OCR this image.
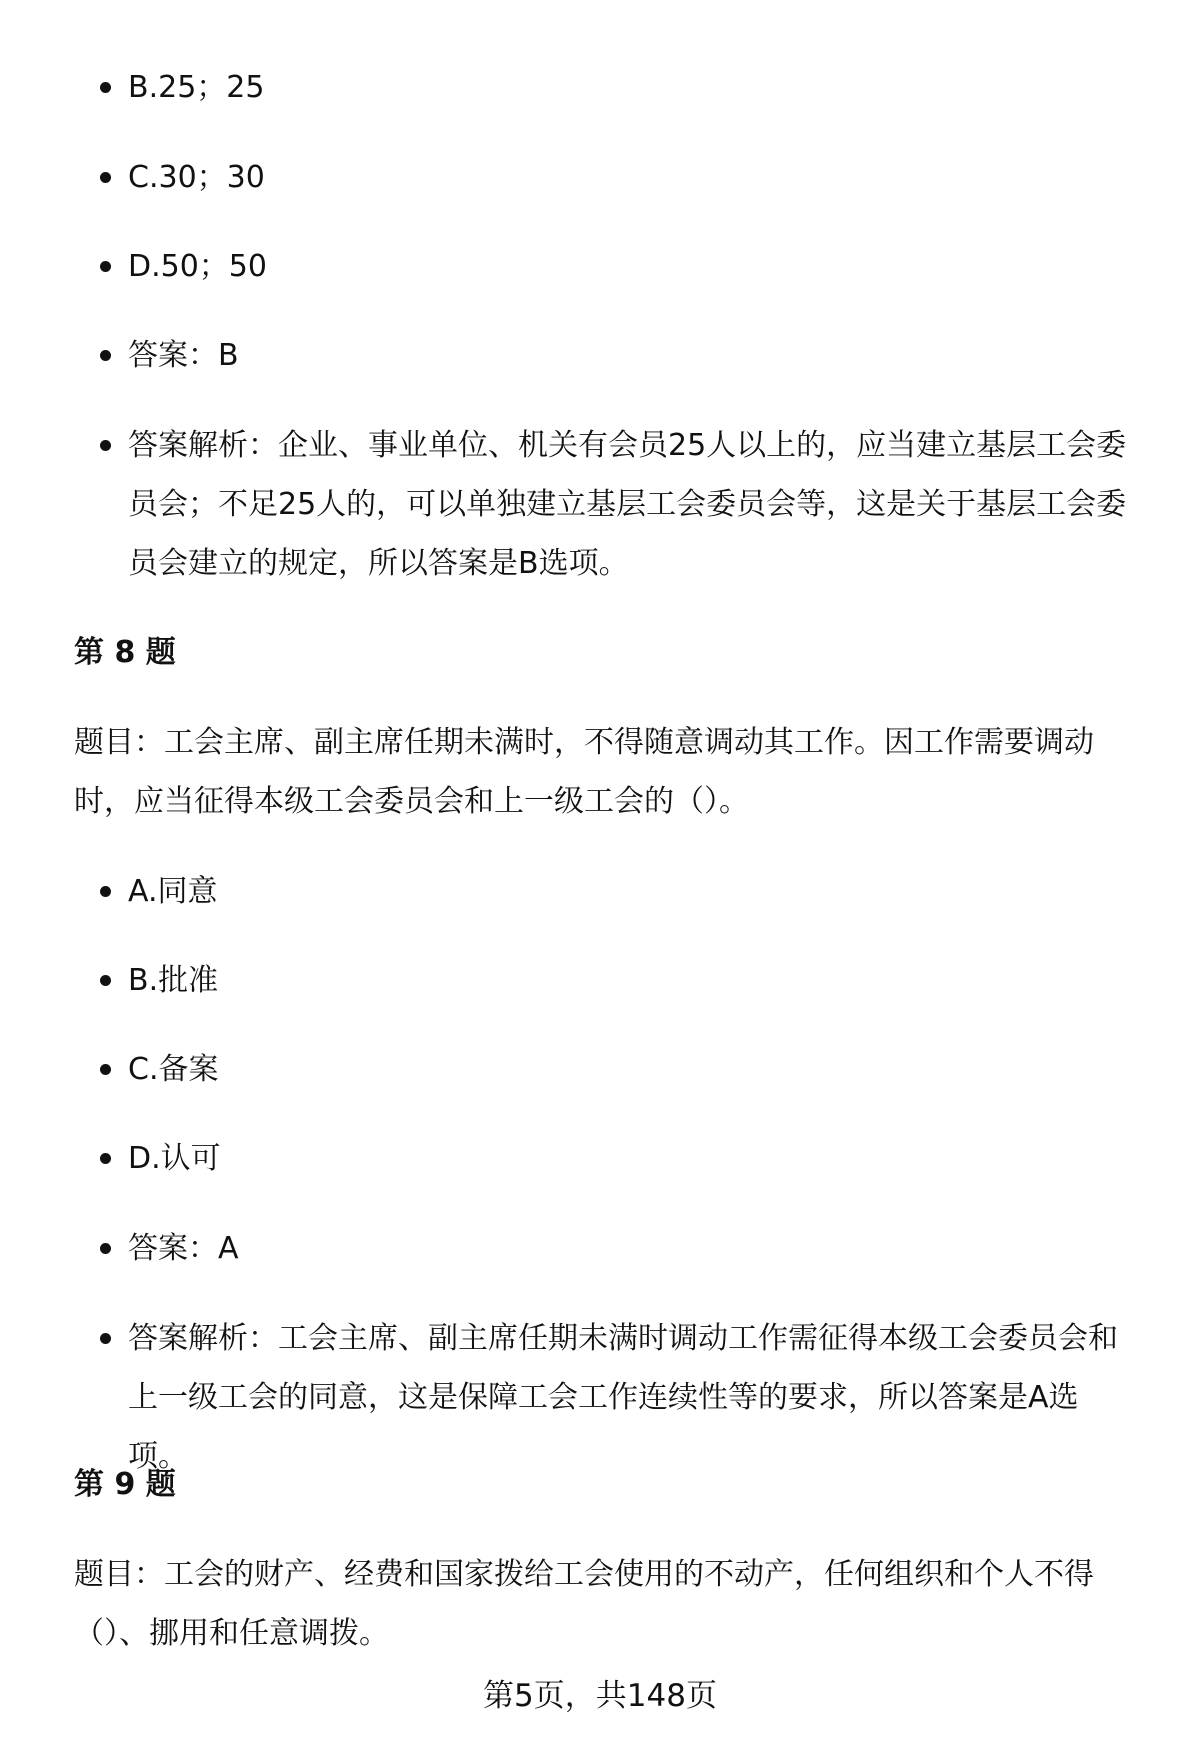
B.25；25
C.30；30
D.50；50
答案：B
答案解析：企业、事业单位、机关有会员25人以上的，应当建立基层工会委员会；不足25人的，可以单独建立基层工会委员会等，这是关于基层工会委员会建立的规定，所以答案是B选项。
第 8 题
题目：工会主席、副主席任期未满时，不得随意调动其工作。因工作需要调动时，应当征得本级工会委员会和上一级工会的（）。
A.同意
B.批准
C.备案
D.认可
答案：A
答案解析：工会主席、副主席任期未满时调动工作需征得本级工会委员会和上一级工会的同意，这是保障工会工作连续性等的要求，所以答案是A选项。
第 9 题
题目：工会的财产、经费和国家拨给工会使用的不动产，任何组织和个人不得（）、挪用和任意调拨。
第5页，共148页
